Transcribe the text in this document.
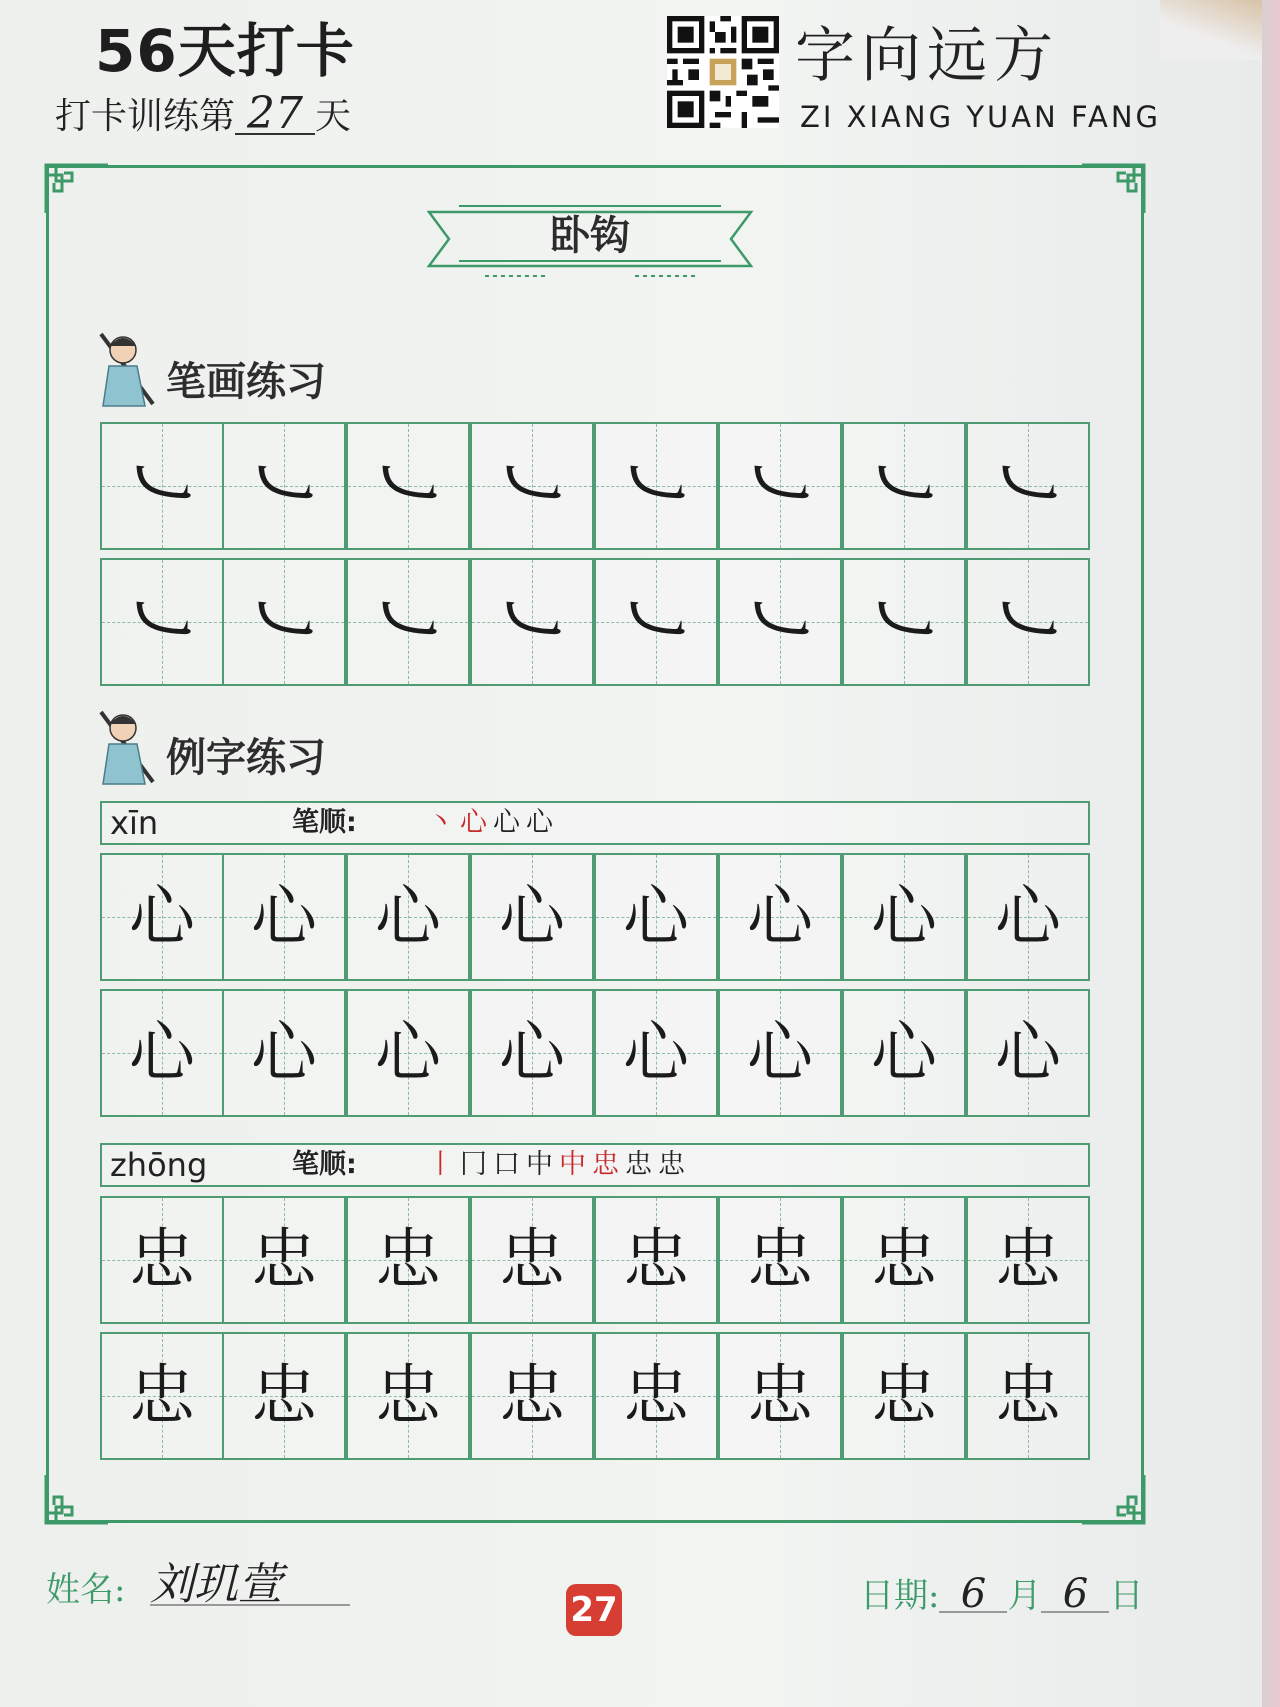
56天打卡
打卡训练第 27 天
字向远方
ZI XIANG YUAN FANG
卧钩
笔画练习
㇃ ㇃ ㇃ ㇃ ㇃ ㇃ ㇃ ㇃
㇃ ㇃ ㇃ ㇃ ㇃ ㇃ ㇃ ㇃
例字练习
xīn	笔顺:	丶心心心
心 心 心 心 心 心 心 心
心 心 心 心 心 心 心 心
zhōng	笔顺:	丨冂口中中忠忠忠
忠 忠 忠 忠 忠 忠 忠 忠
忠 忠 忠 忠 忠 忠 忠 忠
姓名: 刘玑萱	27	日期: 6 月 6 日
